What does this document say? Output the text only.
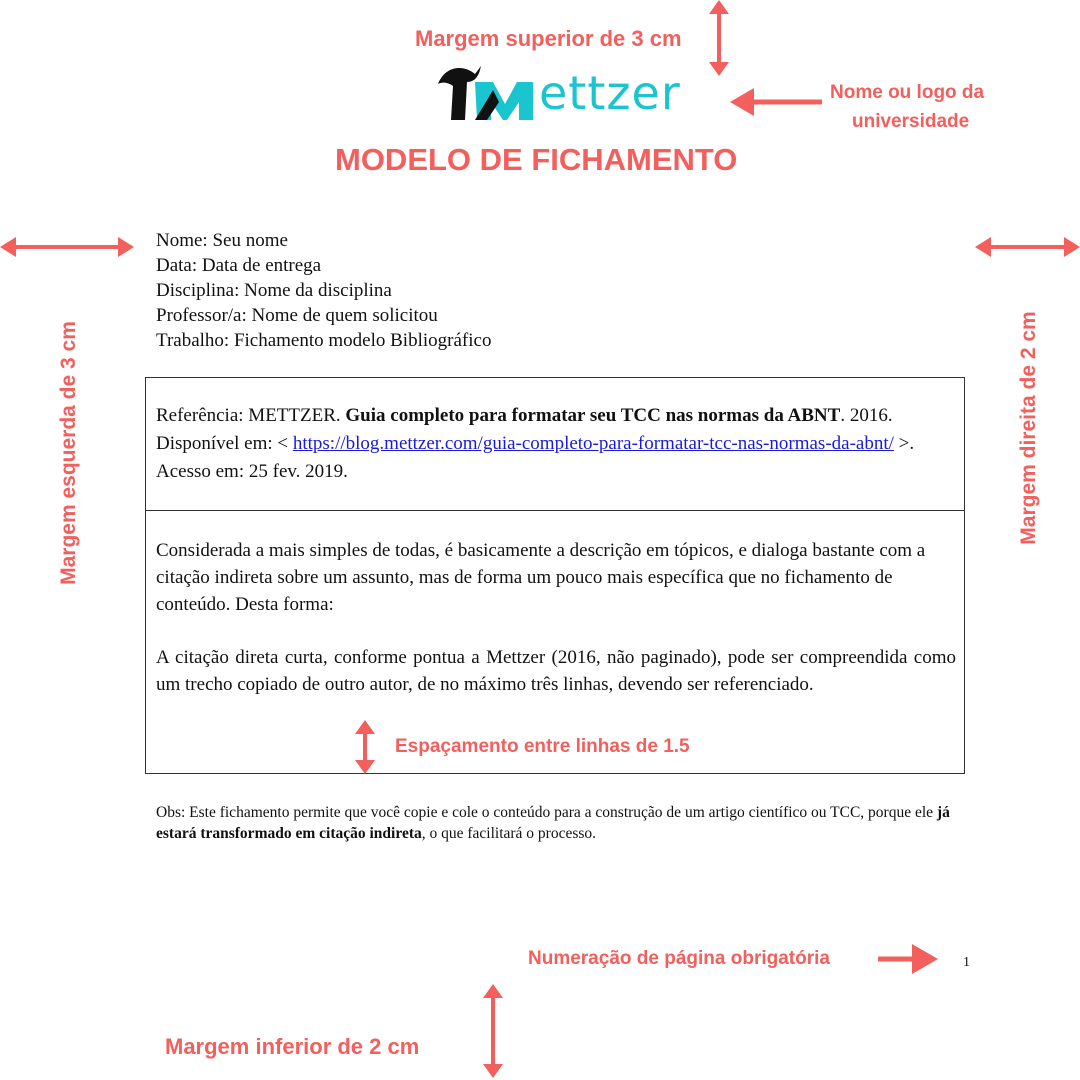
Margem superior de 3 cm
ettzer	Nome ou logo da
universidade
MODELO DE FICHAMENTO
Margem esquerda de 3 cm	Margem direita de 2 cm
Nome: Seu nome
Data: Data de entrega
Disciplina: Nome da disciplina
Professor/a: Nome de quem solicitou
Trabalho: Fichamento modelo Bibliográfico
Referência: METTZER. Guia completo para formatar seu TCC nas normas da ABNT. 2016. Disponível em: < https://blog.mettzer.com/guia-completo-para-formatar-tcc-nas-normas-da-abnt/ >. Acesso em: 25 fev. 2019.
Considerada a mais simples de todas, é basicamente a descrição em tópicos, e dialoga bastante com a citação indireta sobre um assunto, mas de forma um pouco mais específica que no fichamento de conteúdo. Desta forma:
A citação direta curta, conforme pontua a Mettzer (2016, não paginado), pode ser compreendida como um trecho copiado de outro autor, de no máximo três linhas, devendo ser referenciado.
Espaçamento entre linhas de 1.5
Obs: Este fichamento permite que você copie e cole o conteúdo para a construção de um artigo científico ou TCC, porque ele já estará transformado em citação indireta, o que facilitará o processo.
Numeração de página obrigatória	1
Margem inferior de 2 cm
